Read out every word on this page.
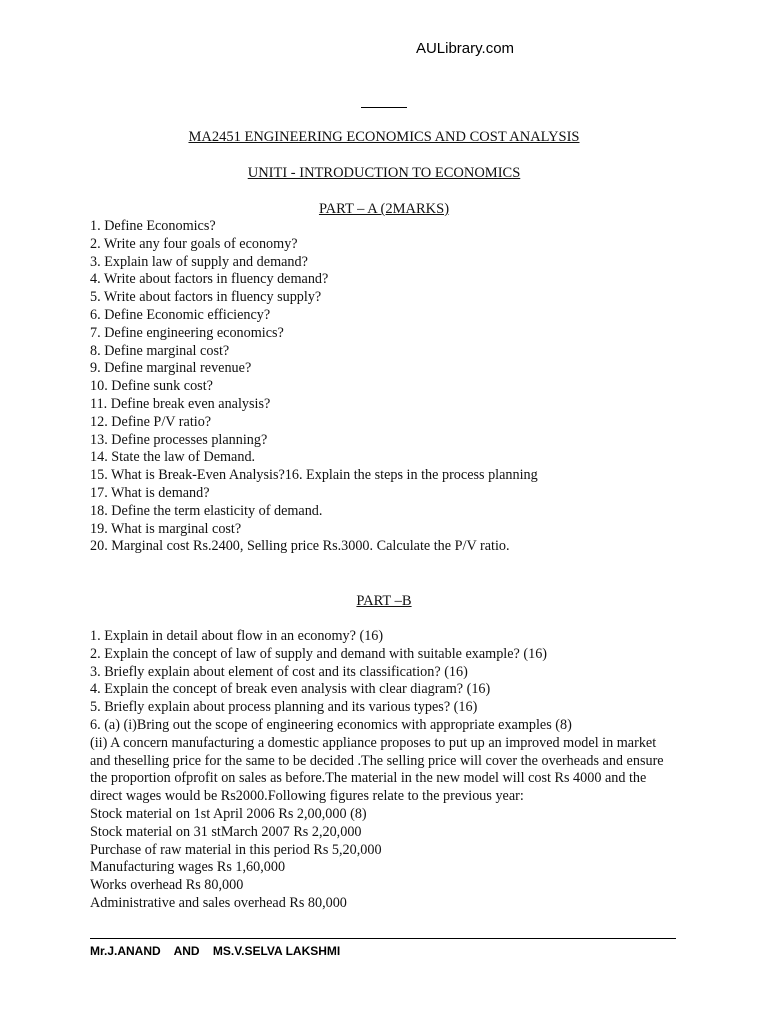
AULibrary.com
MA2451 ENGINEERING ECONOMICS AND COST ANALYSIS
UNITI - INTRODUCTION TO ECONOMICS
PART – A (2MARKS)
1. Define Economics?
2. Write any four goals of economy?
3. Explain law of supply and demand?
4. Write about factors in fluency demand?
5. Write about factors in fluency supply?
6. Define Economic efficiency?
7. Define engineering economics?
8. Define marginal cost?
9. Define marginal revenue?
10. Define sunk cost?
11. Define break even analysis?
12. Define P/V ratio?
13. Define processes planning?
14. State the law of Demand.
15. What is Break-Even Analysis?16. Explain the steps in the process planning
17. What is demand?
18. Define the term elasticity of demand.
19. What is marginal cost?
20. Marginal cost Rs.2400, Selling price Rs.3000. Calculate the P/V ratio.
PART –B
1. Explain in detail about flow in an economy? (16)
2. Explain the concept of law of supply and demand with suitable example? (16)
3. Briefly explain about element of cost and its classification? (16)
4. Explain the concept of break even analysis with clear diagram? (16)
5. Briefly explain about process planning and its various types? (16)
6. (a) (i)Bring out the scope of engineering economics with appropriate examples (8)
(ii) A concern manufacturing a domestic appliance proposes to put up an improved model in market and theselling price for the same to be decided .The selling price will cover the overheads and ensure the proportion ofprofit on sales as before.The material in the new model will cost Rs 4000 and the direct wages would be Rs2000.Following figures relate to the previous year:
Stock material on 1st April 2006 Rs 2,00,000 (8)
Stock material on 31 stMarch 2007 Rs 2,20,000
Purchase of raw material in this period Rs 5,20,000
Manufacturing wages Rs 1,60,000
Works overhead Rs 80,000
Administrative and sales overhead Rs 80,000
Mr.J.ANAND    AND    MS.V.SELVA LAKSHMI
